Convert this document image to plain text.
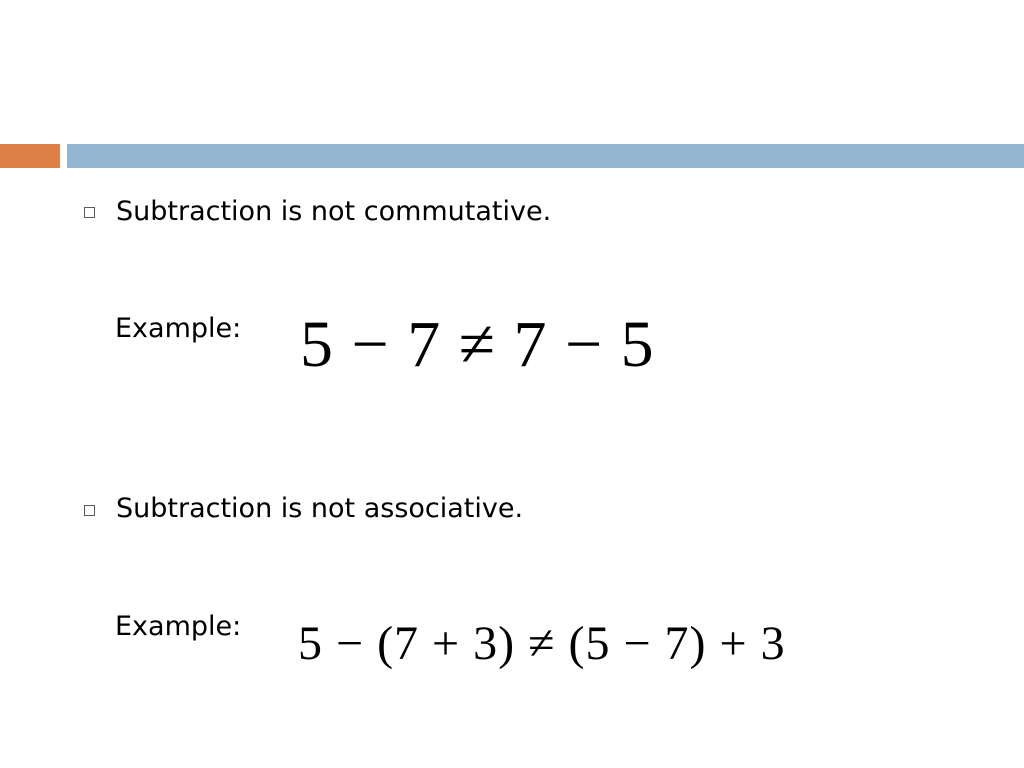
Subtraction is not commutative.
Example: 5 − 7 ≠ 7 − 5
Subtraction is not associative.
Example: 5 − (7 + 3) ≠ (5 − 7) + 3
